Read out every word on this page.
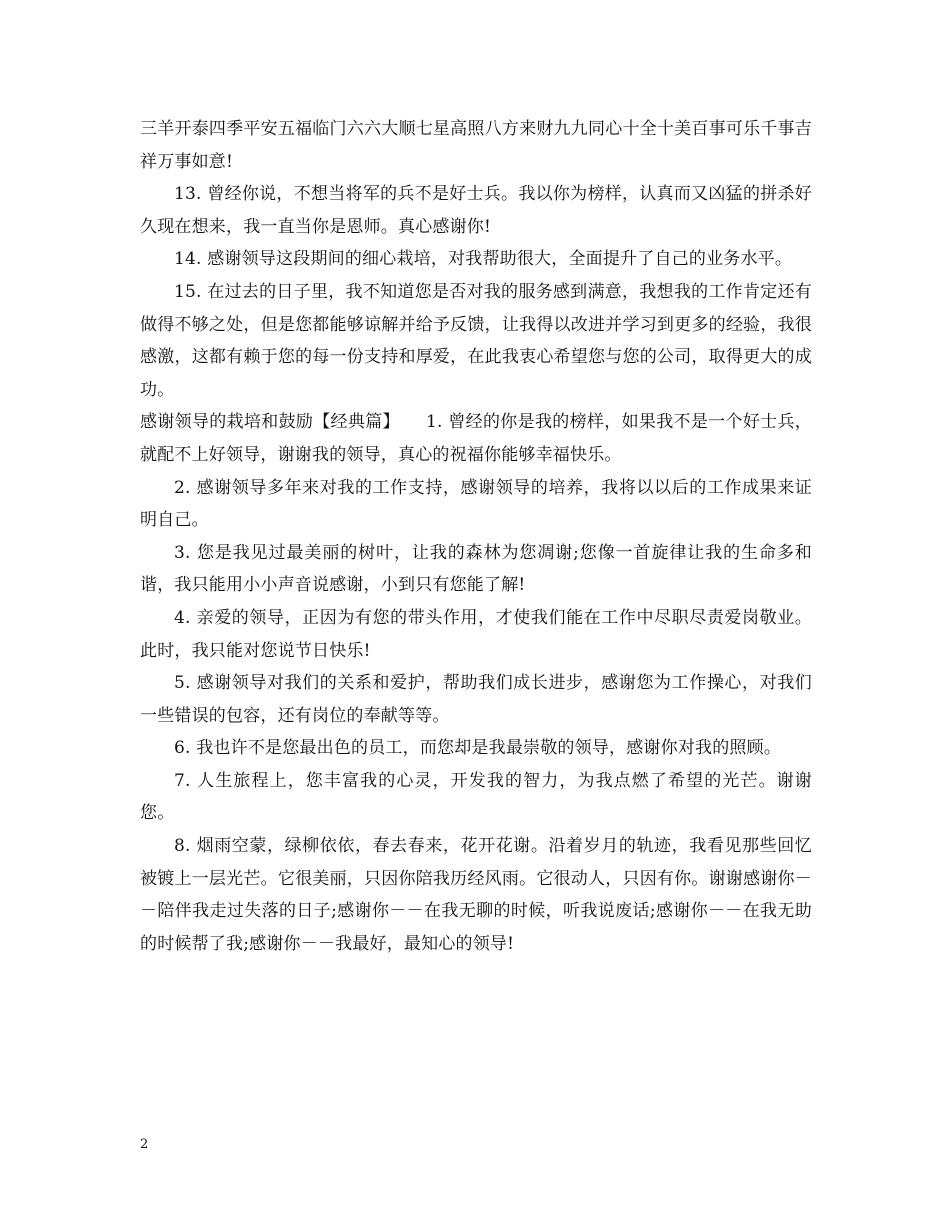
三羊开泰四季平安五福临门六六大顺七星高照八方来财九九同心十全十美百事可乐千事吉祥万事如意!

13. 曾经你说，不想当将军的兵不是好士兵。我以你为榜样，认真而又凶猛的拼杀好久现在想来，我一直当你是恩师。真心感谢你!

14. 感谢领导这段期间的细心栽培，对我帮助很大，全面提升了自己的业务水平。

15. 在过去的日子里，我不知道您是否对我的服务感到满意，我想我的工作肯定还有做得不够之处，但是您都能够谅解并给予反馈，让我得以改进并学习到更多的经验，我很感激，这都有赖于您的每一份支持和厚爱，在此我衷心希望您与您的公司，取得更大的成功。

感谢领导的栽培和鼓励【经典篇】　　1. 曾经的你是我的榜样，如果我不是一个好士兵，就配不上好领导，谢谢我的领导，真心的祝福你能够幸福快乐。

2. 感谢领导多年来对我的工作支持，感谢领导的培养，我将以以后的工作成果来证明自己。

3. 您是我见过最美丽的树叶，让我的森林为您凋谢;您像一首旋律让我的生命多和谐，我只能用小小声音说感谢，小到只有您能了解!

4. 亲爱的领导，正因为有您的带头作用，才使我们能在工作中尽职尽责爱岗敬业。此时，我只能对您说节日快乐!

5. 感谢领导对我们的关系和爱护，帮助我们成长进步，感谢您为工作操心，对我们一些错误的包容，还有岗位的奉献等等。

6. 我也许不是您最出色的员工，而您却是我最崇敬的领导，感谢你对我的照顾。

7. 人生旅程上，您丰富我的心灵，开发我的智力，为我点燃了希望的光芒。谢谢您。

8. 烟雨空蒙，绿柳依依，春去春来，花开花谢。沿着岁月的轨迹，我看见那些回忆被镀上一层光芒。它很美丽，只因你陪我历经风雨。它很动人，只因有你。谢谢感谢你－－陪伴我走过失落的日子;感谢你－－在我无聊的时候，听我说废话;感谢你－－在我无助的时候帮了我;感谢你－－我最好，最知心的领导!

2
